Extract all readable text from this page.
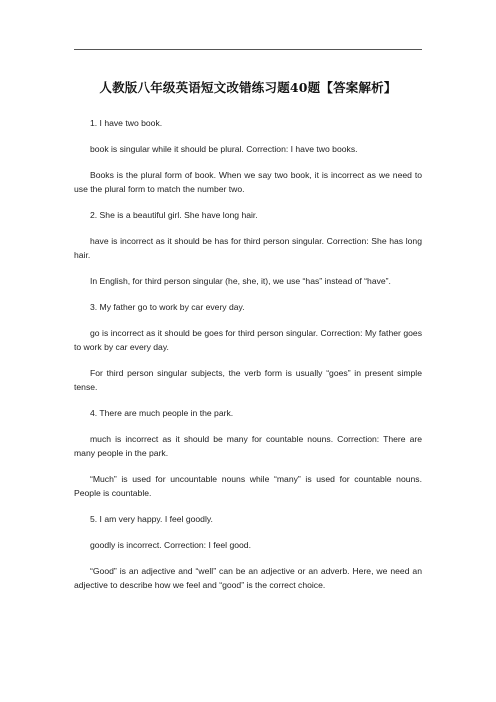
人教版八年级英语短文改错练习题40题【答案解析】

1. I have two book.

book is singular while it should be plural. Correction: I have two books.

Books is the plural form of book. When we say two book, it is incorrect as we need to use the plural form to match the number two.

2. She is a beautiful girl. She have long hair.

have is incorrect as it should be has for third person singular. Correction: She has long hair.

In English, for third person singular (he, she, it), we use “has” instead of “have”.

3. My father go to work by car every day.

go is incorrect as it should be goes for third person singular. Correction: My father goes to work by car every day.

For third person singular subjects, the verb form is usually “goes” in present simple tense.

4. There are much people in the park.

much is incorrect as it should be many for countable nouns. Correction: There are many people in the park.

“Much” is used for uncountable nouns while “many” is used for countable nouns. People is countable.

5. I am very happy. I feel goodly.

goodly is incorrect. Correction: I feel good.

“Good” is an adjective and “well” can be an adjective or an adverb. Here, we need an adjective to describe how we feel and “good” is the correct choice.
